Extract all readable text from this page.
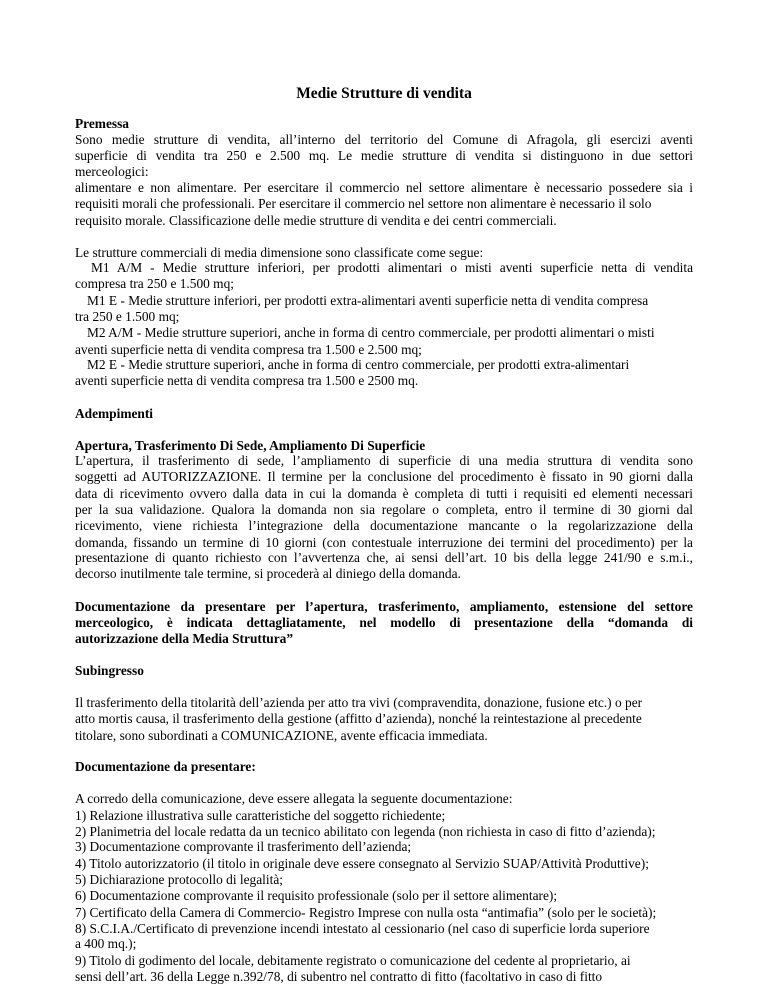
Medie Strutture di vendita
Premessa
Sono medie strutture di vendita, all’interno del territorio del Comune di Afragola, gli esercizi aventi
superficie di vendita tra 250 e 2.500 mq. Le medie strutture di vendita si distinguono in due settori
merceologici:
alimentare e non alimentare. Per esercitare il commercio nel settore alimentare è necessario possedere sia i
requisiti morali che professionali. Per esercitare il commercio nel settore non alimentare è necessario il solo
requisito morale. Classificazione delle medie strutture di vendita e dei centri commerciali.
Le strutture commerciali di media dimensione sono classificate come segue:
M1 A/M - Medie strutture inferiori, per prodotti alimentari o misti aventi superficie netta di vendita
compresa tra 250 e 1.500 mq;
M1 E - Medie strutture inferiori, per prodotti extra-alimentari aventi superficie netta di vendita compresa
tra 250 e 1.500 mq;
M2 A/M - Medie strutture superiori, anche in forma di centro commerciale, per prodotti alimentari o misti
aventi superficie netta di vendita compresa tra 1.500 e 2.500 mq;
M2 E - Medie strutture superiori, anche in forma di centro commerciale, per prodotti extra-alimentari
aventi superficie netta di vendita compresa tra 1.500 e 2500 mq.
Adempimenti
Apertura, Trasferimento Di Sede, Ampliamento Di Superficie
L’apertura, il trasferimento di sede, l’ampliamento di superficie di una media struttura di vendita sono
soggetti ad AUTORIZZAZIONE. Il termine per la conclusione del procedimento è fissato in 90 giorni dalla
data di ricevimento ovvero dalla data in cui la domanda è completa di tutti i requisiti ed elementi necessari
per la sua validazione. Qualora la domanda non sia regolare o completa, entro il termine di 30 giorni dal
ricevimento, viene richiesta l’integrazione della documentazione mancante o la regolarizzazione della
domanda, fissando un termine di 10 giorni (con contestuale interruzione dei termini del procedimento) per la
presentazione di quanto richiesto con l’avvertenza che, ai sensi dell’art. 10 bis della legge 241/90 e s.m.i.,
decorso inutilmente tale termine, si procederà al diniego della domanda.
Documentazione da presentare per l’apertura, trasferimento, ampliamento, estensione del settore
merceologico, è indicata dettagliatamente, nel modello di presentazione della “domanda di
autorizzazione della Media Struttura”
Subingresso
Il trasferimento della titolarità dell’azienda per atto tra vivi (compravendita, donazione, fusione etc.) o per
atto mortis causa, il trasferimento della gestione (affitto d’azienda), nonché la reintestazione al precedente
titolare, sono subordinati a COMUNICAZIONE, avente efficacia immediata.
Documentazione da presentare:
A corredo della comunicazione, deve essere allegata la seguente documentazione:
1) Relazione illustrativa sulle caratteristiche del soggetto richiedente;
2) Planimetria del locale redatta da un tecnico abilitato con legenda (non richiesta in caso di fitto d’azienda);
3) Documentazione comprovante il trasferimento dell’azienda;
4) Titolo autorizzatorio (il titolo in originale deve essere consegnato al Servizio SUAP/Attività Produttive);
5) Dichiarazione protocollo di legalità;
6) Documentazione comprovante il requisito professionale (solo per il settore alimentare);
7) Certificato della Camera di Commercio- Registro Imprese con nulla osta “antimafia” (solo per le società);
8) S.C.I.A./Certificato di prevenzione incendi intestato al cessionario (nel caso di superficie lorda superiore
a 400 mq.);
9) Titolo di godimento del locale, debitamente registrato o comunicazione del cedente al proprietario, ai
sensi dell’art. 36 della Legge n.392/78, di subentro nel contratto di fitto (facoltativo in caso di fitto
